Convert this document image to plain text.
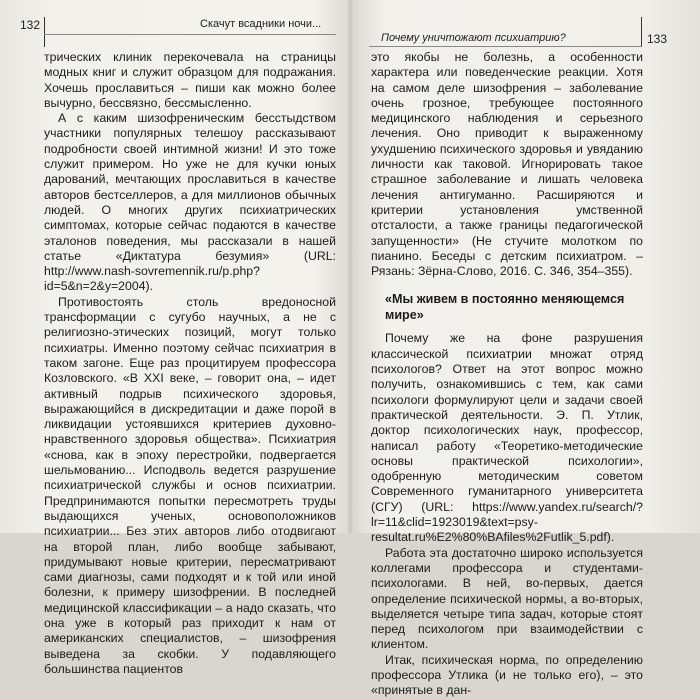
132	Скачут всадники ночи...

трических клиник перекочевала на страницы модных книг и служит образцом для подражания. Хочешь прославиться – пиши как можно более вычурно, бессвязно, бессмысленно.

А с каким шизофреническим бесстыдством участники популярных телешоу рассказывают подробности своей интимной жизни! И это тоже служит примером. Но уже не для кучки юных дарований, мечтающих прославиться в качестве авторов бестселлеров, а для миллионов обычных людей. О многих других психиатрических симптомах, которые сейчас подаются в качестве эталонов поведения, мы рассказали в нашей статье «Диктатура безумия» (URL: http://www.nash-sovremennik.ru/p.php?id=5&n=2&y=2004).

Противостоять столь вредоносной трансформации с сугубо научных, а не с религиозно-этических позиций, могут только психиатры. Именно поэтому сейчас психиатрия в таком загоне. Еще раз процитируем профессора Козловского. «В XXI веке, – говорит она, – идет активный подрыв психического здоровья, выражающийся в дискредитации и даже порой в ликвидации устоявшихся критериев духовно-нравственного здоровья общества». Психиатрия «снова, как в эпоху перестройки, подвергается шельмованию... Исподволь ведется разрушение психиатрической службы и основ психиатрии. Предпринимаются попытки пересмотреть труды выдающихся ученых, основоположников психиатрии... Без этих авторов либо отодвигают на второй план, либо вообще забывают, придумывают новые критерии, пересматривают сами диагнозы, сами подходят и к той или иной болезни, к примеру шизофрении. В последней медицинской классификации – а надо сказать, что она уже в который раз приходит к нам от американских специалистов, – шизофрения выведена за скобки. У подавляющего большинства пациентов

Почему уничтожают психиатрию?	133

это якобы не болезнь, а особенности характера или поведенческие реакции. Хотя на самом деле шизофрения – заболевание очень грозное, требующее постоянного медицинского наблюдения и серьезного лечения. Оно приводит к выраженному ухудшению психического здоровья и увяданию личности как таковой. Игнорировать такое страшное заболевание и лишать человека лечения антигуманно. Расширяются и критерии установления умственной отсталости, а также границы педагогической запущенности» (Не стучите молотком по пианино. Беседы с детским психиатром. – Рязань: Зёрна-Слово, 2016. С. 346, 354–355).

«Мы живем в постоянно меняющемся мире»

Почему же на фоне разрушения классической психиатрии множат отряд психологов? Ответ на этот вопрос можно получить, ознакомившись с тем, как сами психологи формулируют цели и задачи своей практической деятельности. Э. П. Утлик, доктор психологических наук, профессор, написал работу «Теоретико-методические основы практической психологии», одобренную методическим советом Современного гуманитарного университета (СГУ) (URL: https://www.yandex.ru/search/?lr=11&clid=1923019&text=psy-resultat.ru%E2%80%BAfiles%2Futlik_5.pdf).

Работа эта достаточно широко используется коллегами профессора и студентами-психологами. В ней, во-первых, дается определение психической нормы, а во-вторых, выделяется четыре типа задач, которые стоят перед психологом при взаимодействии с клиентом.

Итак, психическая норма, по определению профессора Утлика (и не только его), – это «принятые в дан-
